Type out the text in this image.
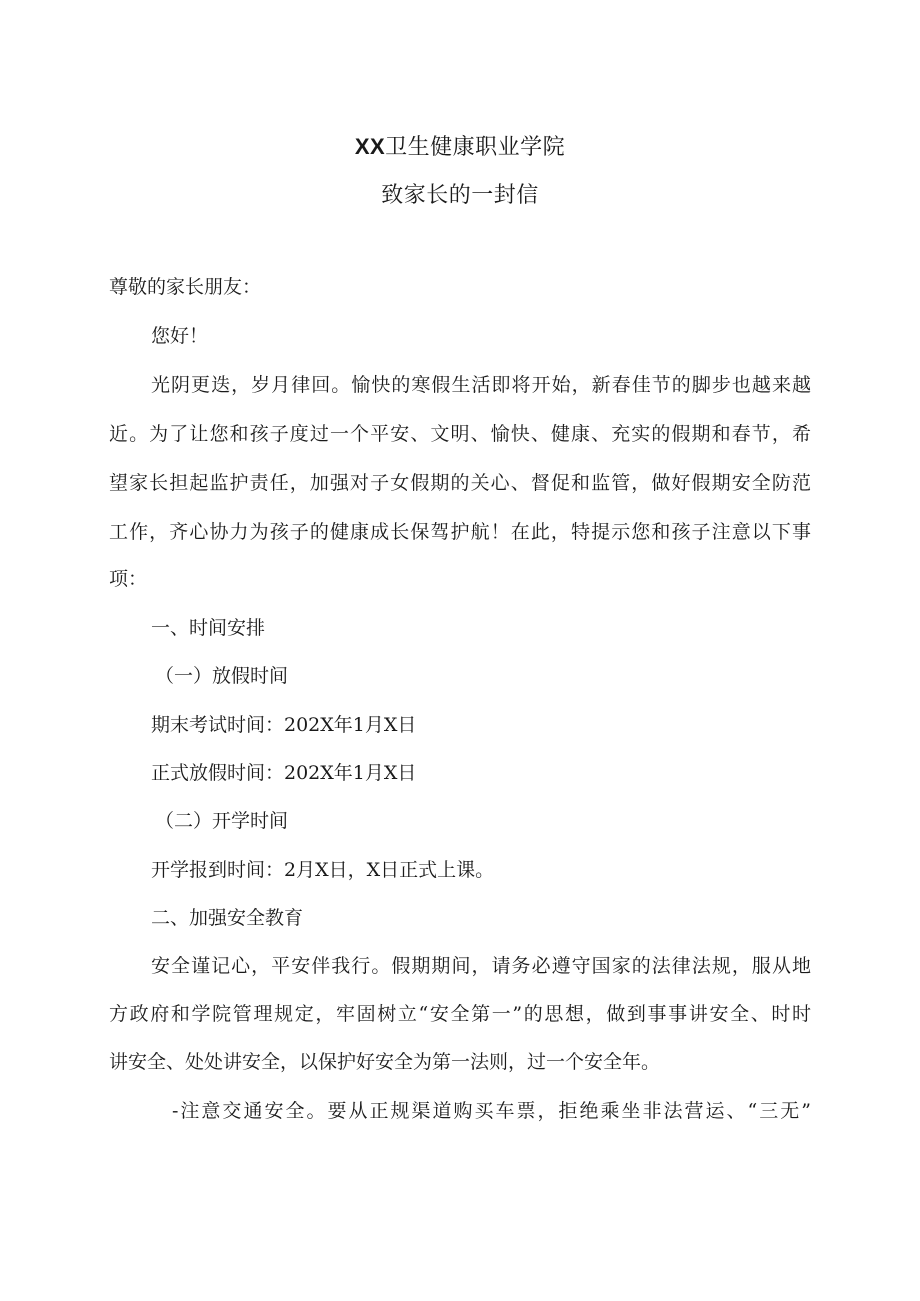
XX卫生健康职业学院
致家长的一封信
尊敬的家长朋友：
您好！
光阴更迭，岁月律回。愉快的寒假生活即将开始，新春佳节的脚步也越来越
近。为了让您和孩子度过一个平安、文明、愉快、健康、充实的假期和春节，希
望家长担起监护责任，加强对子女假期的关心、督促和监管，做好假期安全防范
工作，齐心协力为孩子的健康成长保驾护航！在此，特提示您和孩子注意以下事
项：
一、时间安排
（一）放假时间
期末考试时间：202X年1月X日
正式放假时间：202X年1月X日
（二）开学时间
开学报到时间：2月X日，X日正式上课。
二、加强安全教育
安全谨记心，平安伴我行。假期期间，请务必遵守国家的法律法规，服从地
方政府和学院管理规定，牢固树立“安全第一”的思想，做到事事讲安全、时时
讲安全、处处讲安全，以保护好安全为第一法则，过一个安全年。
-注意交通安全。要从正规渠道购买车票，拒绝乘坐非法营运、“三无”
